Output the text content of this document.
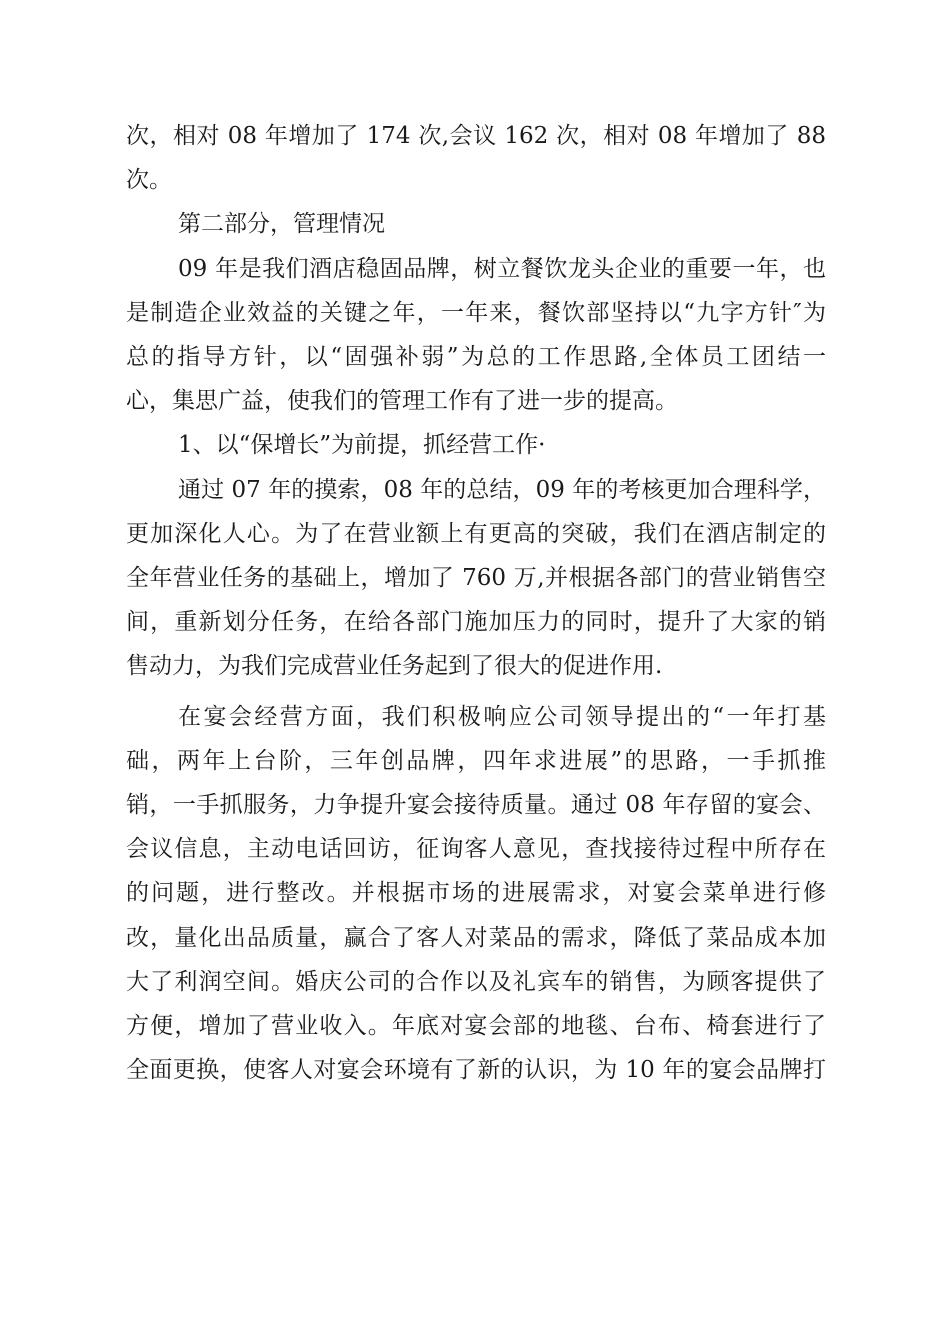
次，相对 08 年增加了 174 次,会议 162 次，相对 08 年增加了 88
次。

第二部分，管理情况

09 年是我们酒店稳固品牌，树立餐饮龙头企业的重要一年，也
是制造企业效益的关键之年，一年来，餐饮部坚持以“九字方针″为
总的指导方针，以“固强补弱”为总的工作思路,全体员工团结一
心，集思广益，使我们的管理工作有了进一步的提高。

1、以“保增长”为前提，抓经营工作·

通过 07 年的摸索，08 年的总结，09 年的考核更加合理科学，
更加深化人心。为了在营业额上有更高的突破，我们在酒店制定的
全年营业任务的基础上，增加了 760 万,并根据各部门的营业销售空
间，重新划分任务，在给各部门施加压力的同时，提升了大家的销
售动力，为我们完成营业任务起到了很大的促进作用.

在宴会经营方面，我们积极响应公司领导提出的“一年打基
础，两年上台阶，三年创品牌，四年求进展”的思路，一手抓推
销，一手抓服务，力争提升宴会接待质量。通过 08 年存留的宴会、
会议信息，主动电话回访，征询客人意见，查找接待过程中所存在
的问题，进行整改。并根据市场的进展需求，对宴会菜单进行修
改，量化出品质量，赢合了客人对菜品的需求，降低了菜品成本加
大了利润空间。婚庆公司的合作以及礼宾车的销售，为顾客提供了
方便，增加了营业收入。年底对宴会部的地毯、台布、椅套进行了
全面更换，使客人对宴会环境有了新的认识，为 10 年的宴会品牌打
